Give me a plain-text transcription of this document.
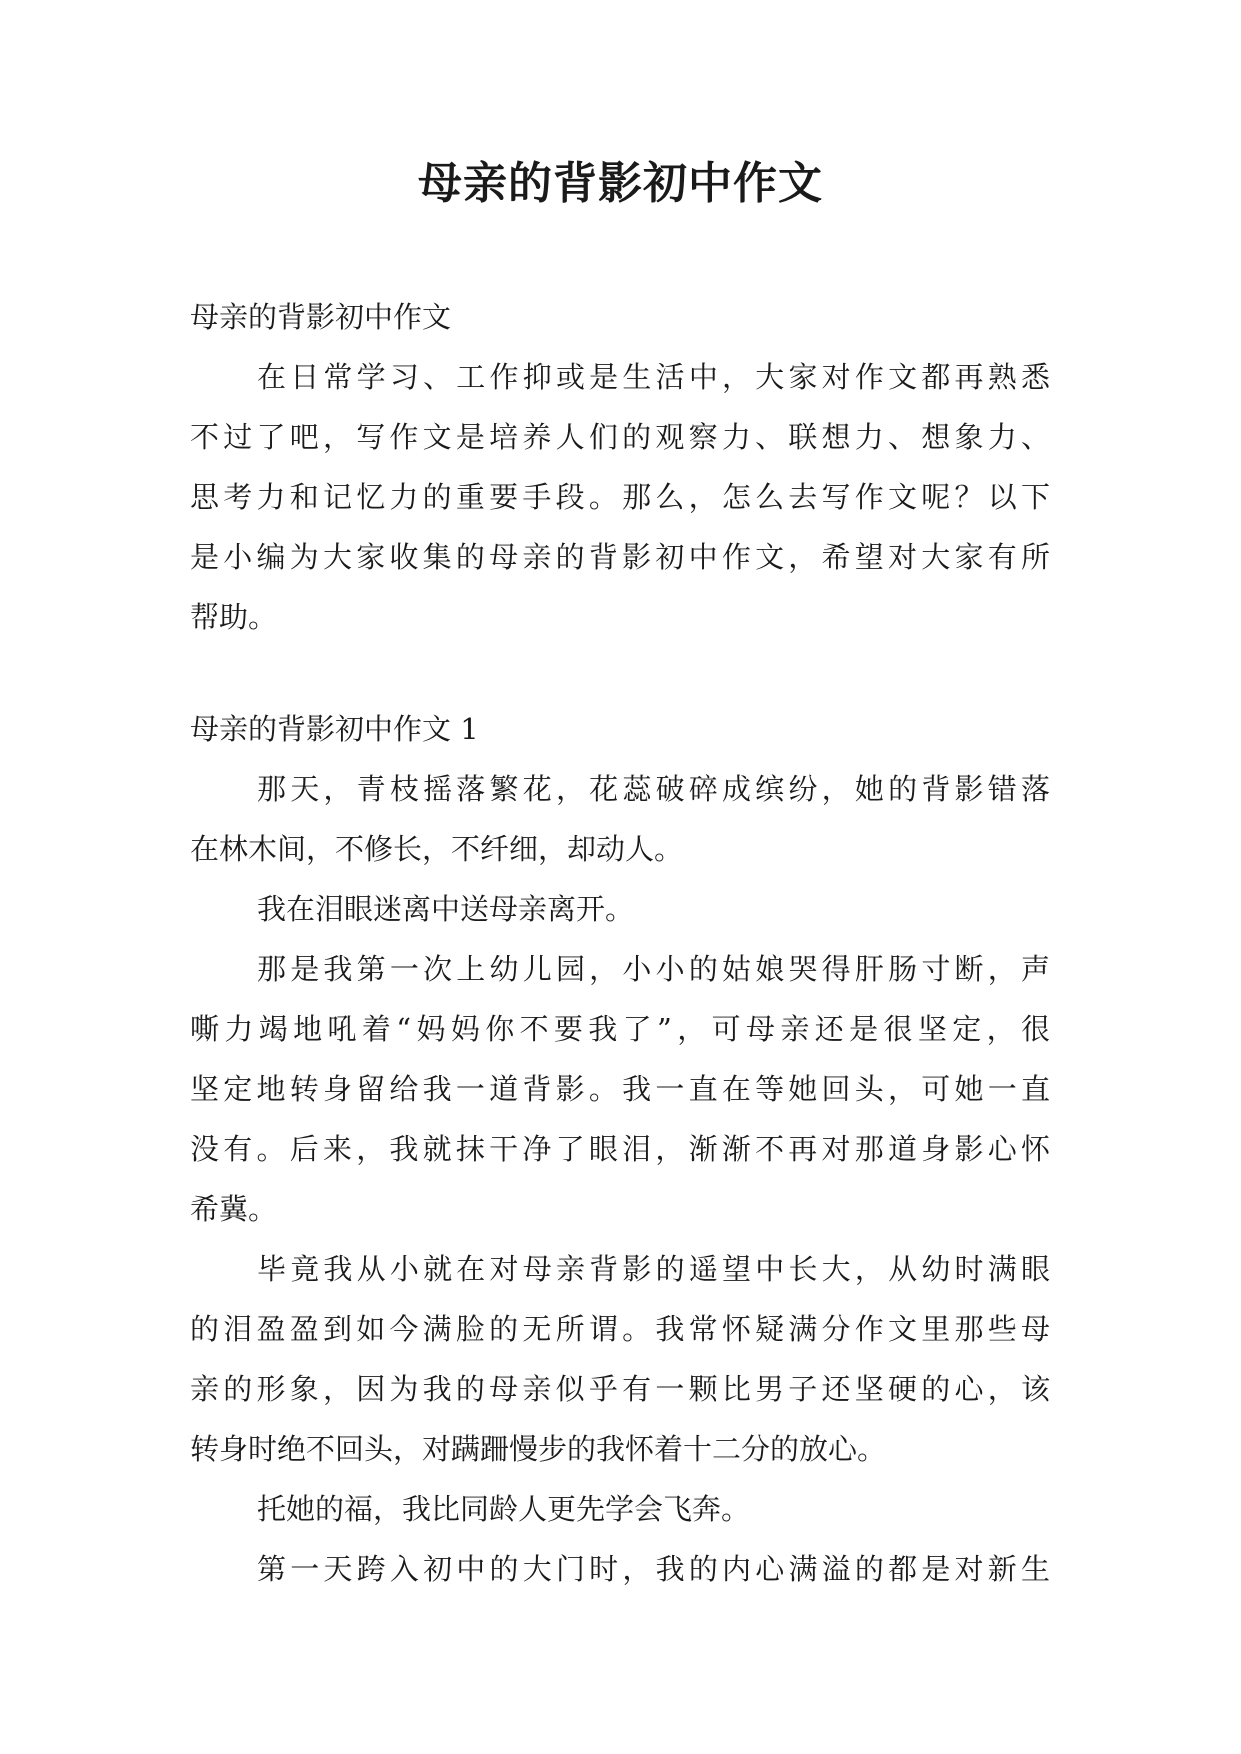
母亲的背影初中作文
母亲的背影初中作文
在日常学习、工作抑或是生活中，大家对作文都再熟悉
不过了吧，写作文是培养人们的观察力、联想力、想象力、
思考力和记忆力的重要手段。那么，怎么去写作文呢？以下
是小编为大家收集的母亲的背影初中作文，希望对大家有所
帮助。
母亲的背影初中作文 1
那天，青枝摇落繁花，花蕊破碎成缤纷，她的背影错落
在林木间，不修长，不纤细，却动人。
我在泪眼迷离中送母亲离开。
那是我第一次上幼儿园，小小的姑娘哭得肝肠寸断，声
嘶力竭地吼着“妈妈你不要我了”，可母亲还是很坚定，很
坚定地转身留给我一道背影。我一直在等她回头，可她一直
没有。后来，我就抹干净了眼泪，渐渐不再对那道身影心怀
希冀。
毕竟我从小就在对母亲背影的遥望中长大，从幼时满眼
的泪盈盈到如今满脸的无所谓。我常怀疑满分作文里那些母
亲的形象，因为我的母亲似乎有一颗比男子还坚硬的心，该
转身时绝不回头，对蹒跚慢步的我怀着十二分的放心。
托她的福，我比同龄人更先学会飞奔。
第一天跨入初中的大门时，我的内心满溢的都是对新生
